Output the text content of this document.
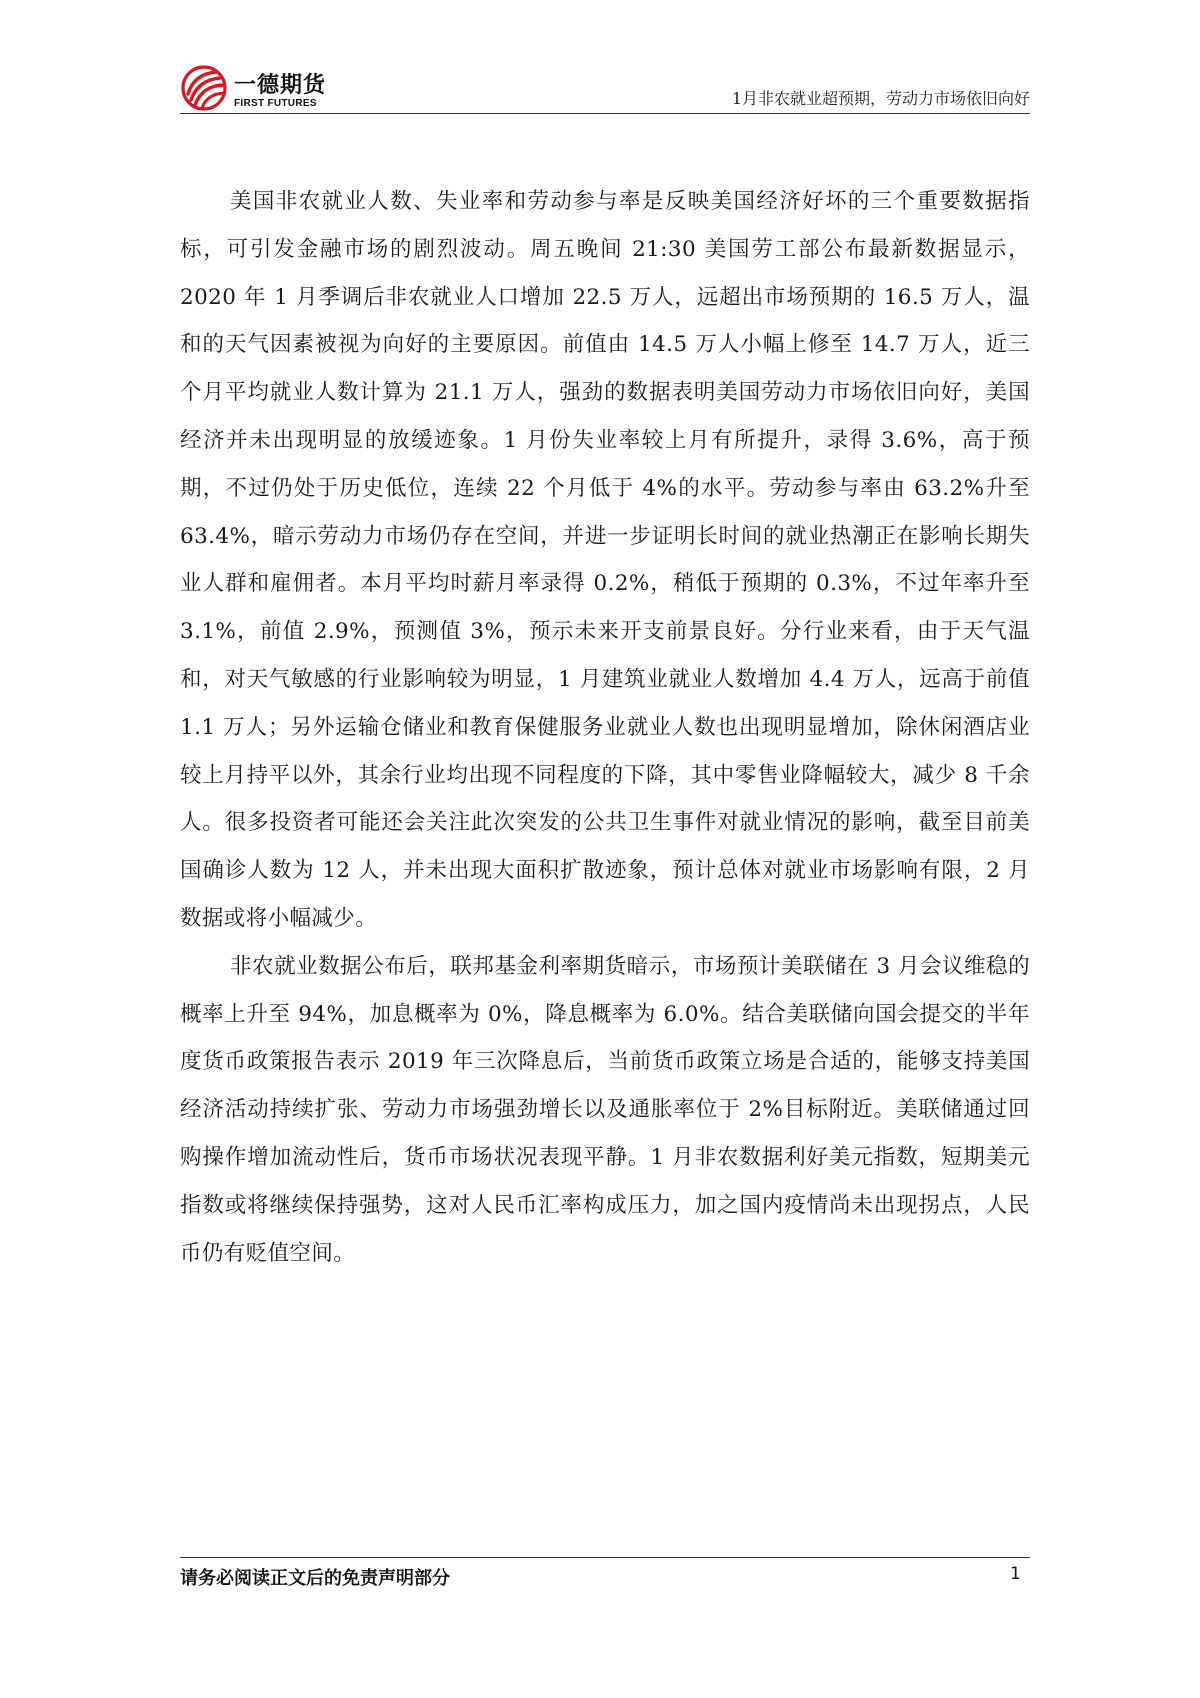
一德期货
FIRST FUTURES	1月非农就业超预期，劳动力市场依旧向好

美国非农就业人数、失业率和劳动参与率是反映美国经济好坏的三个重要数据指标，可引发金融市场的剧烈波动。周五晚间 21:30 美国劳工部公布最新数据显示，2020 年 1 月季调后非农就业人口增加 22.5 万人，远超出市场预期的 16.5 万人，温和的天气因素被视为向好的主要原因。前值由 14.5 万人小幅上修至 14.7 万人，近三个月平均就业人数计算为 21.1 万人，强劲的数据表明美国劳动力市场依旧向好，美国经济并未出现明显的放缓迹象。1 月份失业率较上月有所提升，录得 3.6%，高于预期，不过仍处于历史低位，连续 22 个月低于 4%的水平。劳动参与率由 63.2%升至 63.4%，暗示劳动力市场仍存在空间，并进一步证明长时间的就业热潮正在影响长期失业人群和雇佣者。本月平均时薪月率录得 0.2%，稍低于预期的 0.3%，不过年率升至 3.1%，前值 2.9%，预测值 3%，预示未来开支前景良好。分行业来看，由于天气温和，对天气敏感的行业影响较为明显，1 月建筑业就业人数增加 4.4 万人，远高于前值 1.1 万人；另外运输仓储业和教育保健服务业就业人数也出现明显增加，除休闲酒店业较上月持平以外，其余行业均出现不同程度的下降，其中零售业降幅较大，减少 8 千余人。很多投资者可能还会关注此次突发的公共卫生事件对就业情况的影响，截至目前美国确诊人数为 12 人，并未出现大面积扩散迹象，预计总体对就业市场影响有限，2 月数据或将小幅减少。

非农就业数据公布后，联邦基金利率期货暗示，市场预计美联储在 3 月会议维稳的概率上升至 94%，加息概率为 0%，降息概率为 6.0%。结合美联储向国会提交的半年度货币政策报告表示 2019 年三次降息后，当前货币政策立场是合适的，能够支持美国经济活动持续扩张、劳动力市场强劲增长以及通胀率位于 2%目标附近。美联储通过回购操作增加流动性后，货币市场状况表现平静。1 月非农数据利好美元指数，短期美元指数或将继续保持强势，这对人民币汇率构成压力，加之国内疫情尚未出现拐点，人民币仍有贬值空间。

请务必阅读正文后的免责声明部分	1
